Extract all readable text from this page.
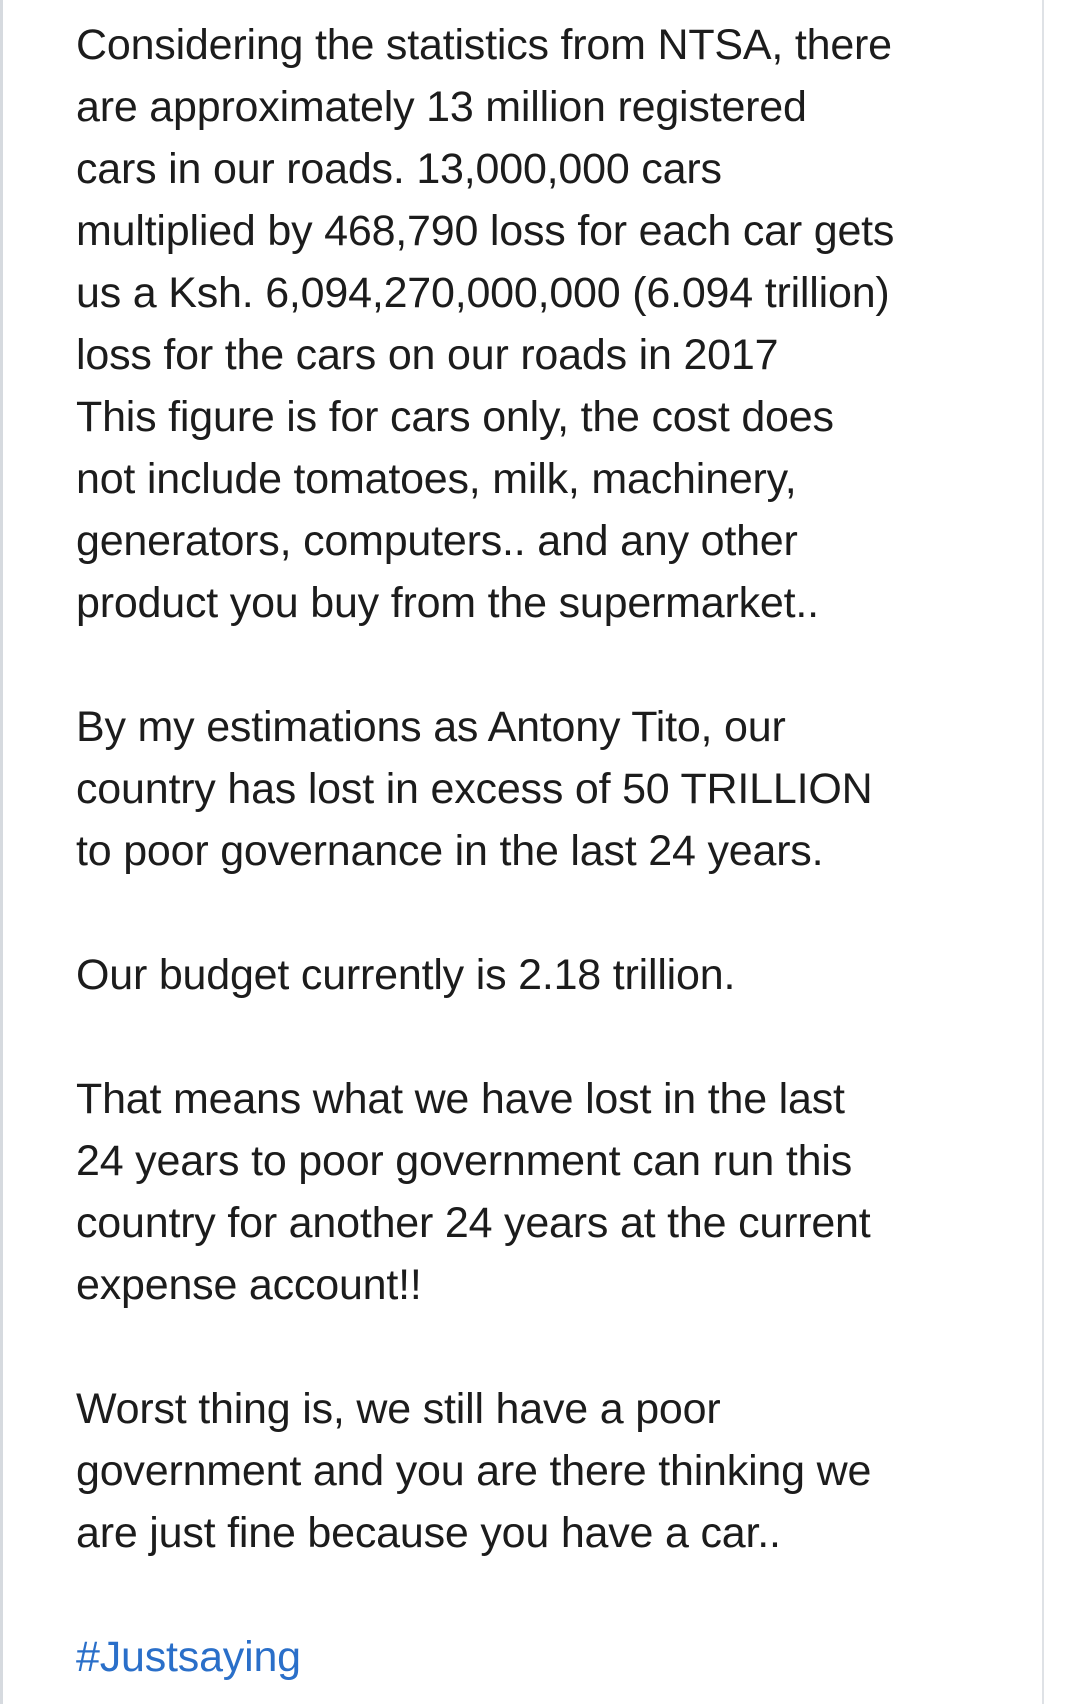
Considering the statistics from NTSA, there
are approximately 13 million registered
cars in our roads. 13,000,000 cars
multiplied by 468,790 loss for each car gets
us a Ksh. 6,094,270,000,000 (6.094 trillion)
loss for the cars on our roads in 2017
This figure is for cars only, the cost does
not include tomatoes, milk, machinery,
generators, computers.. and any other
product you buy from the supermarket..
By my estimations as Antony Tito, our
country has lost in excess of 50 TRILLION
to poor governance in the last 24 years.
Our budget currently is 2.18 trillion.
That means what we have lost in the last
24 years to poor government can run this
country for another 24 years at the current
expense account!!
Worst thing is, we still have a poor
government and you are there thinking we
are just fine because you have a car..
#Justsaying
